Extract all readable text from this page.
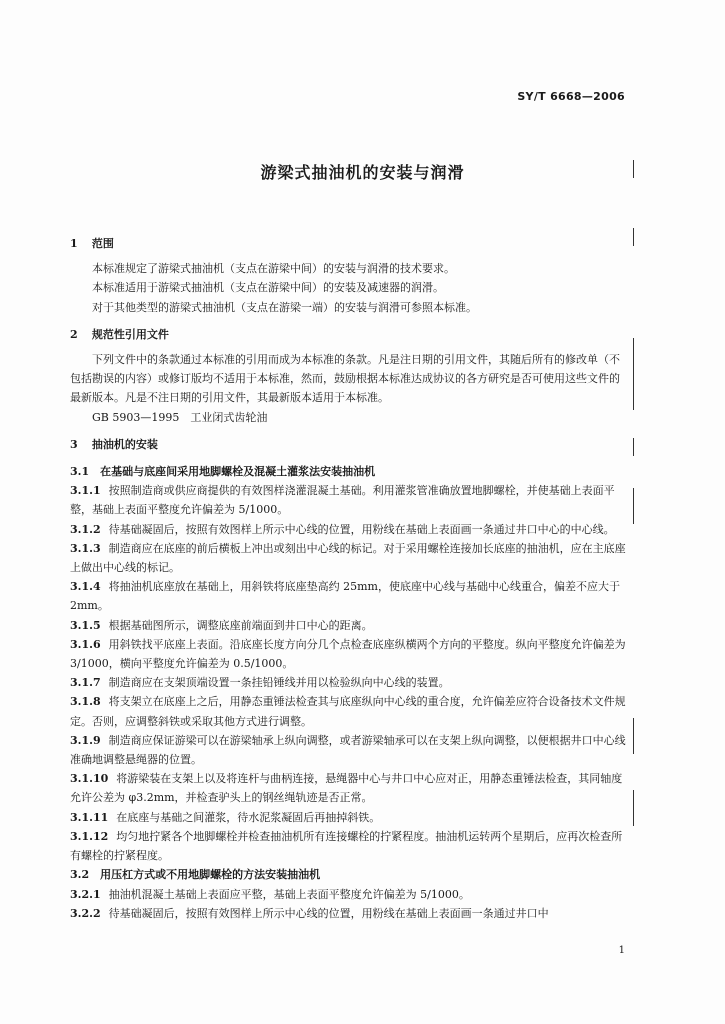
SY/T 6668—2006
游梁式抽油机的安装与润滑

1 范围

本标准规定了游梁式抽油机（支点在游梁中间）的安装与润滑的技术要求。

本标准适用于游梁式抽油机（支点在游梁中间）的安装及减速器的润滑。

对于其他类型的游梁式抽油机（支点在游梁一端）的安装与润滑可参照本标准。

2 规范性引用文件

下列文件中的条款通过本标准的引用而成为本标准的条款。凡是注日期的引用文件，其随后所有的修改单（不包括勘误的内容）或修订版均不适用于本标准，然而，鼓励根据本标准达成协议的各方研究是否可使用这些文件的最新版本。凡是不注日期的引用文件，其最新版本适用于本标准。

GB 5903—1995　工业闭式齿轮油

3 抽油机的安装

3.1　在基础与底座间采用地脚螺栓及混凝土灌浆法安装抽油机

3.1.1 按照制造商或供应商提供的有效图样浇灌混凝土基础。利用灌浆管准确放置地脚螺栓，并使基础上表面平整，基础上表面平整度允许偏差为 5/1000。

3.1.2 待基础凝固后，按照有效图样上所示中心线的位置，用粉线在基础上表面画一条通过井口中心的中心线。

3.1.3 制造商应在底座的前后横板上冲出或刻出中心线的标记。对于采用螺栓连接加长底座的抽油机，应在主底座上做出中心线的标记。

3.1.4 将抽油机底座放在基础上，用斜铁将底座垫高约 25mm，使底座中心线与基础中心线重合，偏差不应大于 2mm。

3.1.5 根据基础图所示，调整底座前端面到井口中心的距离。

3.1.6 用斜铁找平底座上表面。沿底座长度方向分几个点检查底座纵横两个方向的平整度。纵向平整度允许偏差为 3/1000，横向平整度允许偏差为 0.5/1000。

3.1.7 制造商应在支架顶端设置一条挂铅锤线并用以检验纵向中心线的装置。

3.1.8 将支架立在底座上之后，用静态重锤法检查其与底座纵向中心线的重合度，允许偏差应符合设备技术文件规定。否则，应调整斜铁或采取其他方式进行调整。

3.1.9 制造商应保证游梁可以在游梁轴承上纵向调整，或者游梁轴承可以在支架上纵向调整，以便根据井口中心线准确地调整悬绳器的位置。

3.1.10 将游梁装在支架上以及将连杆与曲柄连接，悬绳器中心与井口中心应对正，用静态重锤法检查，其同轴度允许公差为 φ3.2mm，并检查驴头上的钢丝绳轨迹是否正常。

3.1.11 在底座与基础之间灌浆，待水泥浆凝固后再抽掉斜铁。

3.1.12 均匀地拧紧各个地脚螺栓并检查抽油机所有连接螺栓的拧紧程度。抽油机运转两个星期后，应再次检查所有螺栓的拧紧程度。

3.2　用压杠方式或不用地脚螺栓的方法安装抽油机

3.2.1 抽油机混凝土基础上表面应平整，基础上表面平整度允许偏差为 5/1000。

3.2.2 待基础凝固后，按照有效图样上所示中心线的位置，用粉线在基础上表面画一条通过井口中

1
